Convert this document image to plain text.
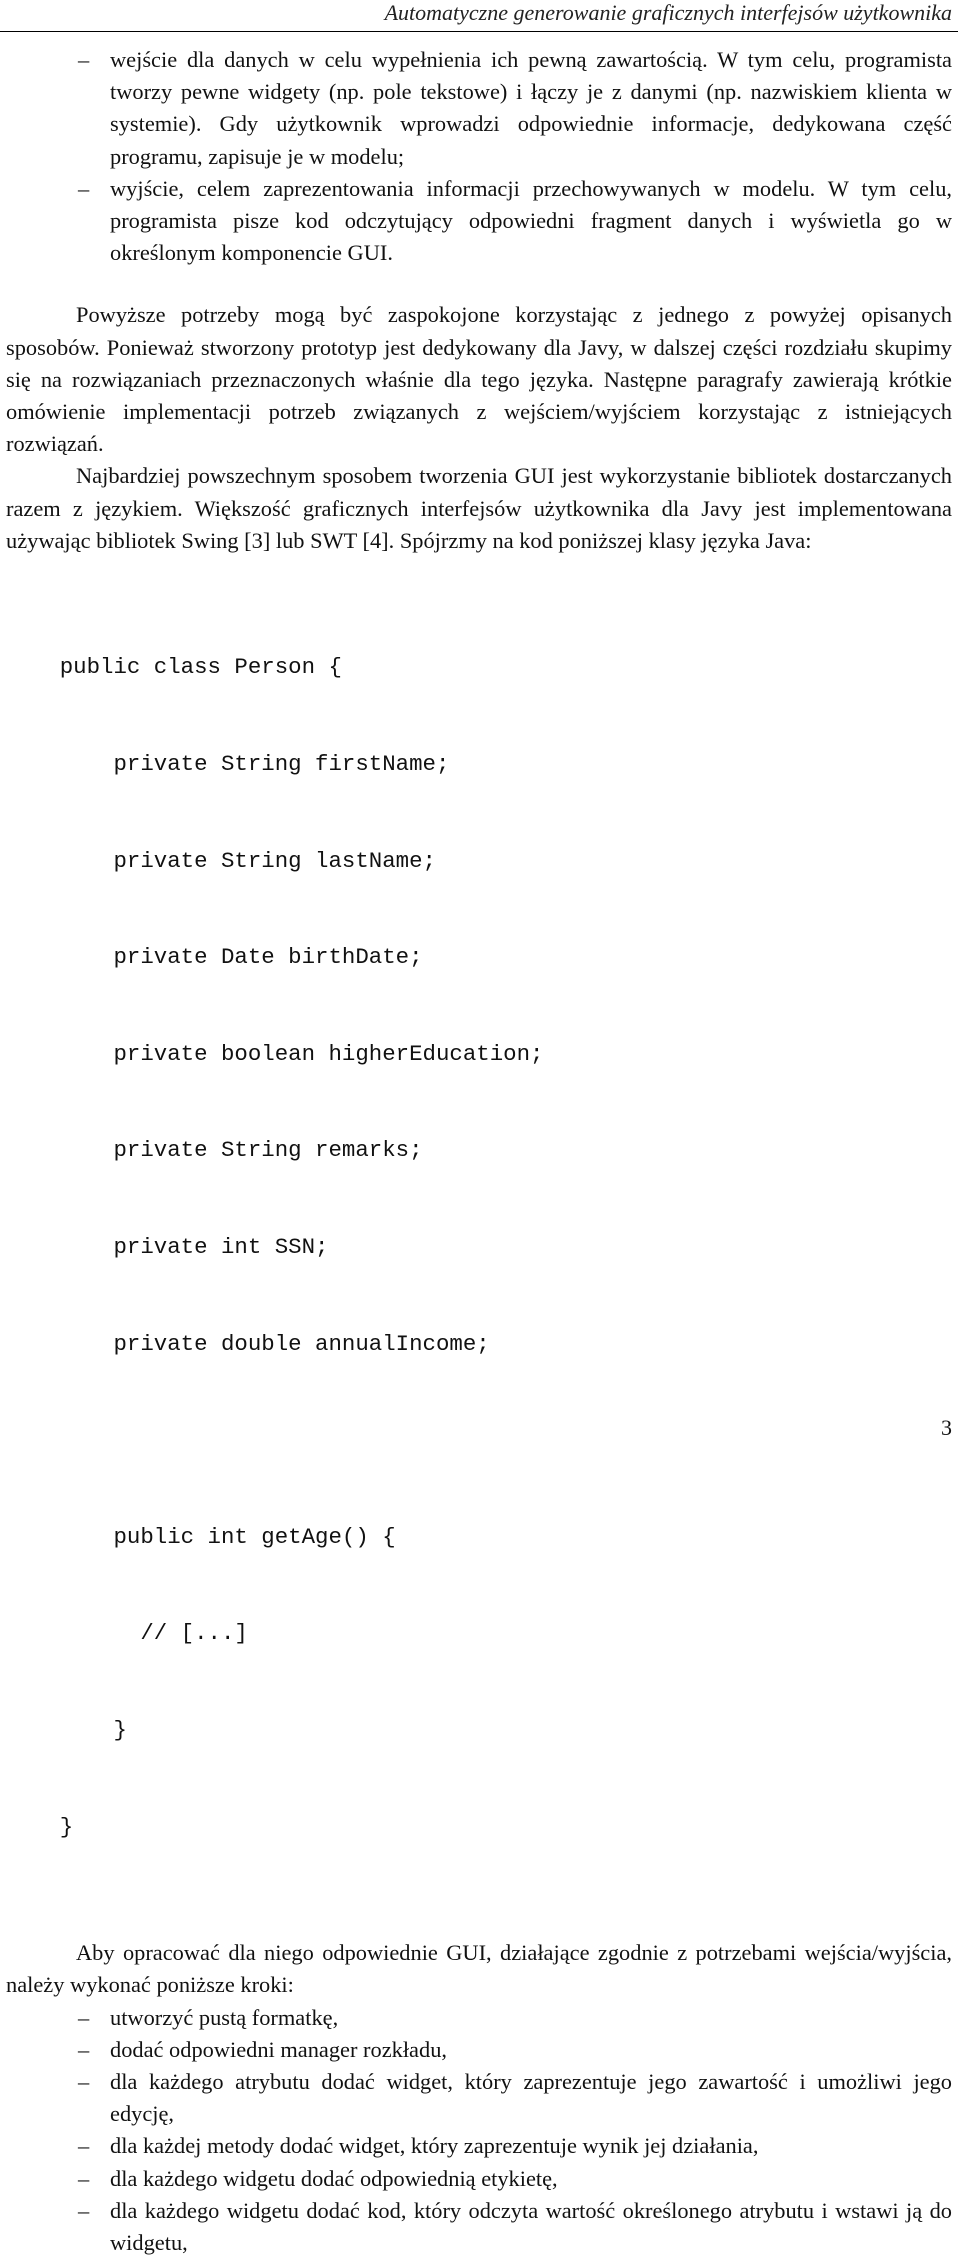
Automatyczne generowanie graficznych interfejsów użytkownika
– wejście dla danych w celu wypełnienia ich pewną zawartością. W tym celu, programista tworzy pewne widgety (np. pole tekstowe) i łączy je z danymi (np. nazwiskiem klienta w systemie). Gdy użytkownik wprowadzi odpowiednie informacje, dedykowana część programu, zapisuje je w modelu;
– wyjście, celem zaprezentowania informacji przechowywanych w modelu. W tym celu, programista pisze kod odczytujący odpowiedni fragment danych i wyświetla go w określonym komponencie GUI.

Powyższe potrzeby mogą być zaspokojone korzystając z jednego z powyżej opisanych sposobów. Ponieważ stworzony prototyp jest dedykowany dla Javy, w dalszej części rozdziału skupimy się na rozwiązaniach przeznaczonych właśnie dla tego języka. Następne paragrafy zawierają krótkie omówienie implementacji potrzeb związanych z wejściem/wyjściem korzystając z istniejących rozwiązań.

Najbardziej powszechnym sposobem tworzenia GUI jest wykorzystanie bibliotek dostarczanych razem z językiem. Większość graficznych interfejsów użytkownika dla Javy jest implementowana używając bibliotek Swing [3] lub SWT [4]. Spójrzmy na kod poniższej klasy języka Java:

public class Person {

private String firstName;

private String lastName;

private Date birthDate;

private boolean higherEducation;

private String remarks;

private int SSN;

private double annualIncome;

public int getAge() {

// [...]

}

}

Aby opracować dla niego odpowiednie GUI, działające zgodnie z potrzebami wejścia/wyjścia, należy wykonać poniższe kroki:

– utworzyć pustą formatkę,
– dodać odpowiedni manager rozkładu,
– dla każdego atrybutu dodać widget, który zaprezentuje jego zawartość i umożliwi jego edycję,
– dla każdej metody dodać widget, który zaprezentuje wynik jej działania,
– dla każdego widgetu dodać odpowiednią etykietę,
– dla każdego widgetu dodać kod, który odczyta wartość określonego atrybutu i wstawi ją do widgetu,
3
